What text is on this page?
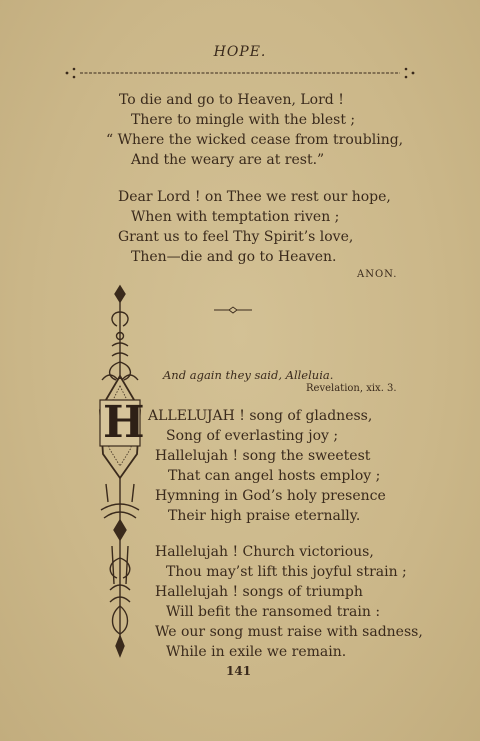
HOPE.
To die and go to Heaven, Lord !
There to mingle with the blest ;
“ Where the wicked cease from troubling,
And the weary are at rest.”
Dear Lord ! on Thee we rest our hope,
When with temptation riven ;
Grant us to feel Thy Spirit’s love,
Then—die and go to Heaven.
ANON.
H
And again they said, Alleluia.
Revelation, xix. 3.
ALLELUJAH ! song of gladness,
Song of everlasting joy ;
Hallelujah ! song the sweetest
That can angel hosts employ ;
Hymning in God’s holy presence
Their high praise eternally.
Hallelujah ! Church victorious,
Thou may’st lift this joyful strain ;
Hallelujah ! songs of triumph
Will befit the ransomed train :
We our song must raise with sadness,
While in exile we remain.
141
